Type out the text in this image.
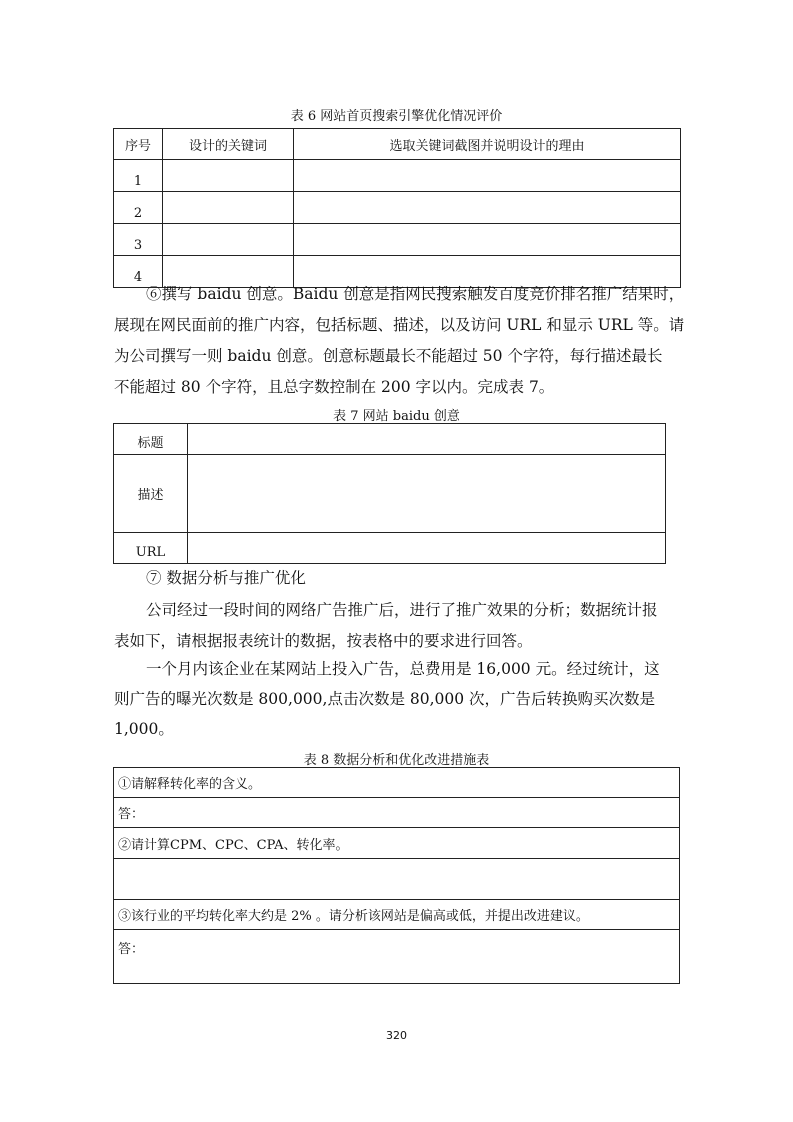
表 6 网站首页搜索引擎优化情况评价
序号	设计的关键词	选取关键词截图并说明设计的理由
1		
2		
3		
4		
⑥撰写 baidu 创意。Baidu 创意是指网民搜索触发百度竞价排名推广结果时，
展现在网民面前的推广内容，包括标题、描述，以及访问 URL 和显示 URL 等。请
为公司撰写一则 baidu 创意。创意标题最长不能超过 50 个字符，每行描述最长
不能超过 80 个字符，且总字数控制在 200 字以内。完成表 7。
表 7 网站 baidu 创意
标题	
描述	
URL	
⑦ 数据分析与推广优化
公司经过一段时间的网络广告推广后，进行了推广效果的分析；数据统计报
表如下，请根据报表统计的数据，按表格中的要求进行回答。
一个月内该企业在某网站上投入广告，总费用是 16,000 元。经过统计，这
则广告的曝光次数是 800,000,点击次数是 80,000 次，广告后转换购买次数是
1,000。
表 8 数据分析和优化改进措施表
①请解释转化率的含义。
答：
②请计算CPM、CPC、CPA、转化率。

③该行业的平均转化率大约是 2% 。请分析该网站是偏高或低，并提出改进建议。
答：
320
